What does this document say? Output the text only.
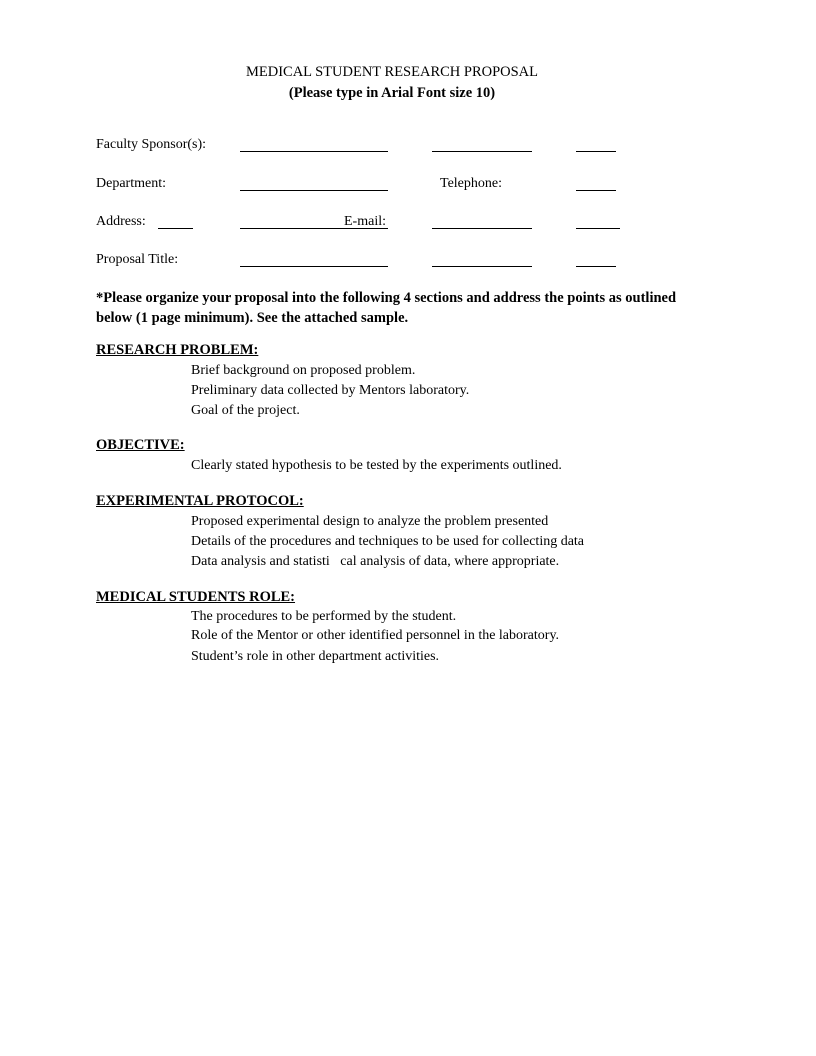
MEDICAL STUDENT RESEARCH PROPOSAL
(Please type in Arial Font size 10)
Faculty Sponsor(s):
Department:	Telephone:
Address:	E-mail:
Proposal Title:
*Please organize your proposal into the following 4 sections and address the points as outlined below (1 page minimum). See the attached sample.
RESEARCH PROBLEM:
Brief background on proposed problem.
Preliminary data collected by Mentors laboratory.
Goal of the project.
OBJECTIVE:
Clearly stated hypothesis to be tested by the experiments outlined.
EXPERIMENTAL PROTOCOL:
Proposed experimental design to analyze the problem presented
Details of the procedures and techniques to be used for collecting data
Data analysis and statisti   cal analysis of data, where appropriate.
MEDICAL STUDENTS ROLE:
The procedures to be performed by the student.
Role of the Mentor or other identified personnel in the laboratory.
Student’s role in other department activities.
